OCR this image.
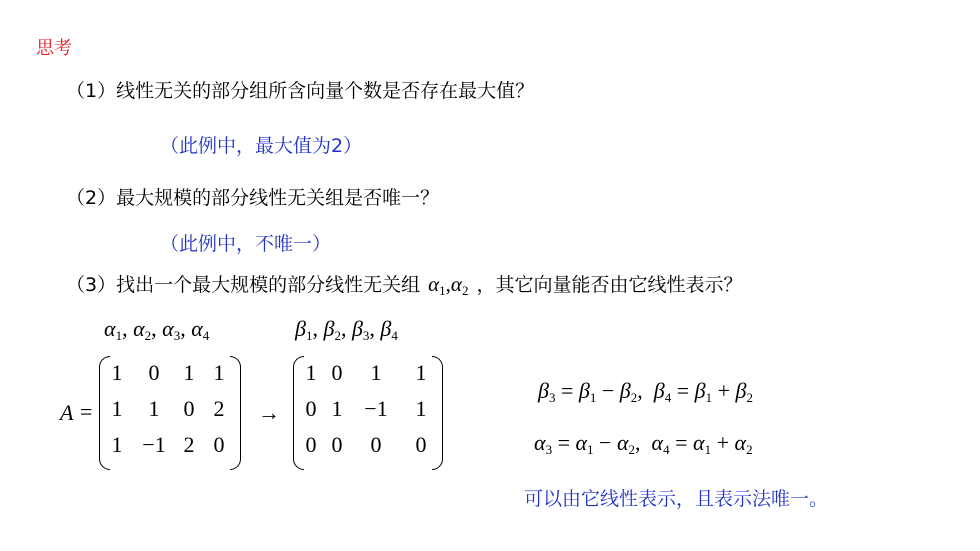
思考
（1）线性无关的部分组所含向量个数是否存在最大值？
（此例中，最大值为2）
（2）最大规模的部分线性无关组是否唯一？
（此例中，不唯一）
（3）找出一个最大规模的部分线性无关组 $\alpha_1,\alpha_2$ ，其它向量能否由它线性表示？
$\alpha_1$, $\alpha_2$, $\alpha_3$, $\alpha_4$	$\beta_1$, $\beta_2$, $\beta_3$, $\beta_4$
A =
1	0	1 1
1	1	0 2
1 −1 2 0
→
1 0	1	1
0 1 −1	1
0 0	0	0
$\beta_3 = \beta_1 - \beta_2$,  $\beta_4 = \beta_1 + \beta_2$
$\alpha_3 = \alpha_1 - \alpha_2$,  $\alpha_4 = \alpha_1 + \alpha_2$
可以由它线性表示，且表示法唯一。
